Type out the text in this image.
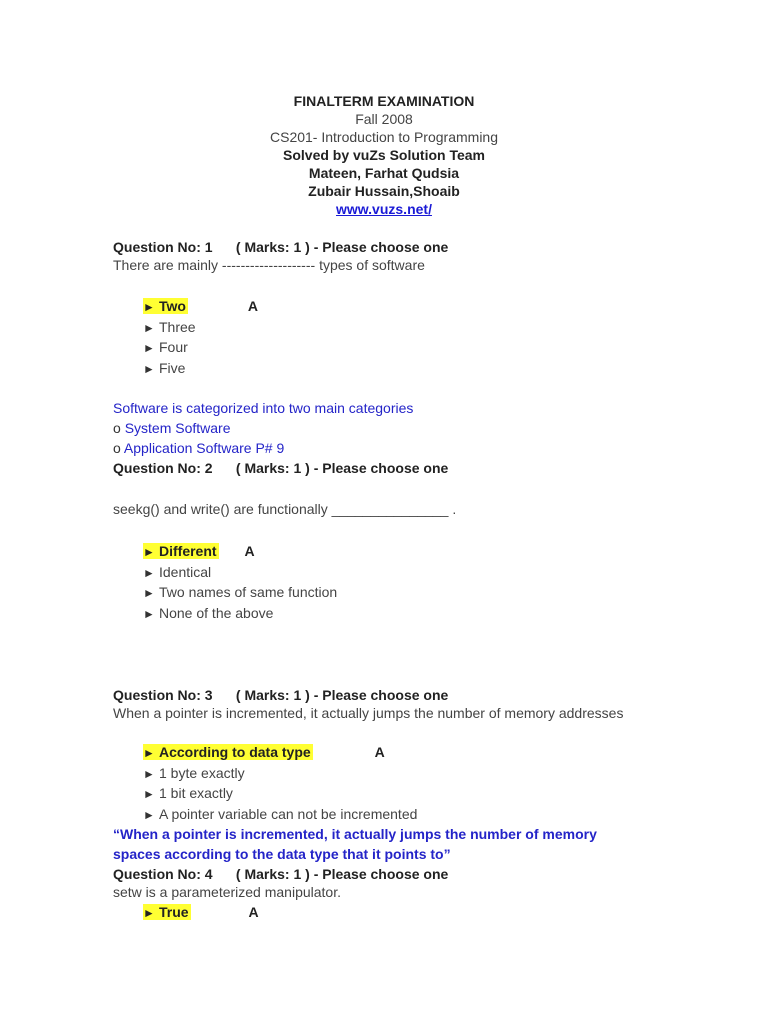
FINALTERM EXAMINATION
Fall 2008
CS201- Introduction to Programming
Solved by vuZs Solution Team
Mateen, Farhat Qudsia
Zubair Hussain,Shoaib
www.vuzs.net/
Question No: 1      ( Marks: 1 ) - Please choose one
There are mainly -------------------- types of software
► Two	A
► Three
► Four
► Five
Software is categorized into two main categories
o System Software
o Application Software P# 9
Question No: 2      ( Marks: 1 ) - Please choose one
seekg() and write() are functionally _______________ .
► Different A
► Identical
► Two names of same function
► None of the above
Question No: 3      ( Marks: 1 ) - Please choose one
When a pointer is incremented, it actually jumps the number of memory addresses
► According to data type	A
► 1 byte exactly
► 1 bit exactly
► A pointer variable can not be incremented
“When a pointer is incremented, it actually jumps the number of memory spaces according to the data type that it points to”
Question No: 4      ( Marks: 1 ) - Please choose one
setw is a parameterized manipulator.
► True	A
